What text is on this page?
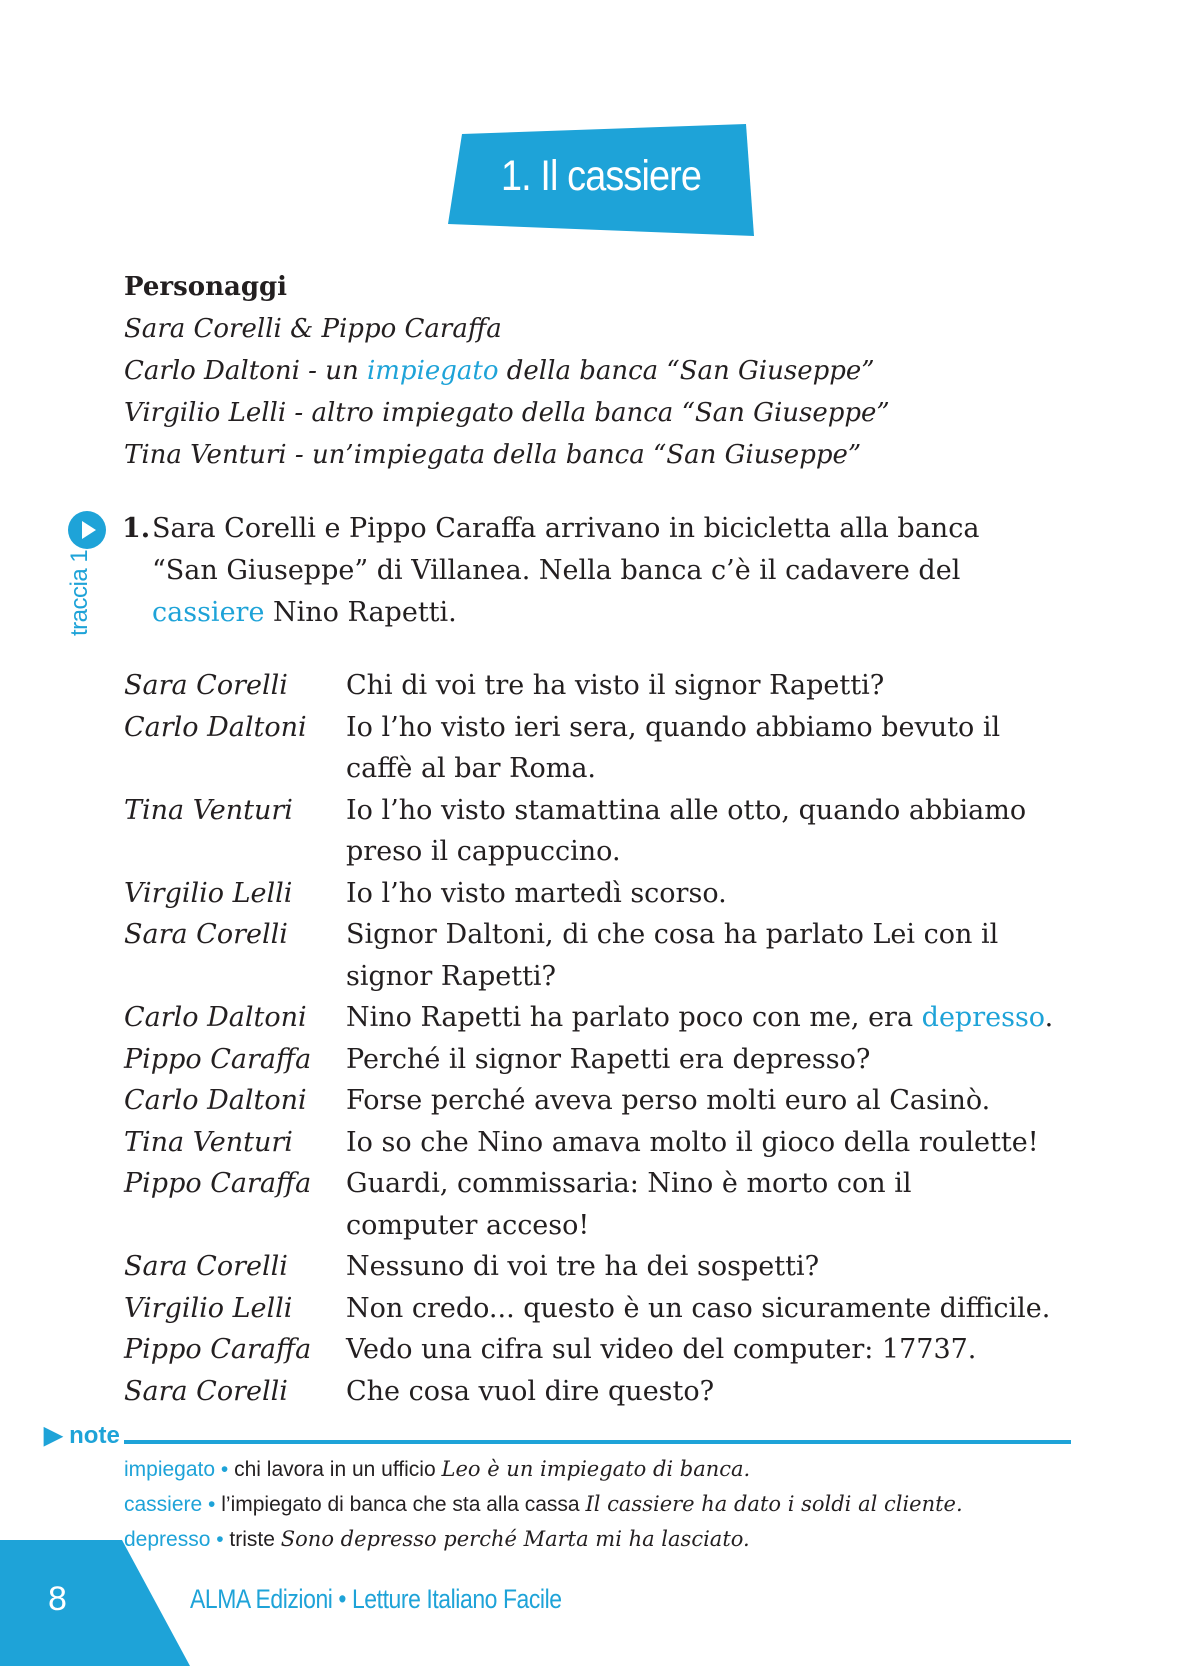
1. Il cassiere
Personaggi
Sara Corelli & Pippo Caraffa
Carlo Daltoni - un impiegato della banca “San Giuseppe”
Virgilio Lelli - altro impiegato della banca “San Giuseppe”
Tina Venturi - un’impiegata della banca “San Giuseppe”
traccia 1
1.Sara Corelli e Pippo Caraffa arrivano in bicicletta alla banca
“San Giuseppe” di Villanea. Nella banca c’è il cadavere del
cassiere Nino Rapetti.
Sara Corelli	Chi di voi tre ha visto il signor Rapetti?
Carlo Daltoni	Io l’ho visto ieri sera, quando abbiamo bevuto il
caffè al bar Roma.
Tina Venturi	Io l’ho visto stamattina alle otto, quando abbiamo
preso il cappuccino.
Virgilio Lelli	Io l’ho visto martedì scorso.
Sara Corelli	Signor Daltoni, di che cosa ha parlato Lei con il
signor Rapetti?
Carlo Daltoni	Nino Rapetti ha parlato poco con me, era depresso.
Pippo Caraffa	Perché il signor Rapetti era depresso?
Carlo Daltoni	Forse perché aveva perso molti euro al Casinò.
Tina Venturi	Io so che Nino amava molto il gioco della roulette!
Pippo Caraffa	Guardi, commissaria: Nino è morto con il
computer acceso!
Sara Corelli	Nessuno di voi tre ha dei sospetti?
Virgilio Lelli	Non credo... questo è un caso sicuramente difficile.
Pippo Caraffa	Vedo una cifra sul video del computer: 17737.
Sara Corelli	Che cosa vuol dire questo?
▶ note
impiegato • chi lavora in un ufficio Leo è un impiegato di banca.
cassiere • l’impiegato di banca che sta alla cassa Il cassiere ha dato i soldi al cliente.
depresso • triste Sono depresso perché Marta mi ha lasciato.
8	ALMA Edizioni • Letture Italiano Facile
